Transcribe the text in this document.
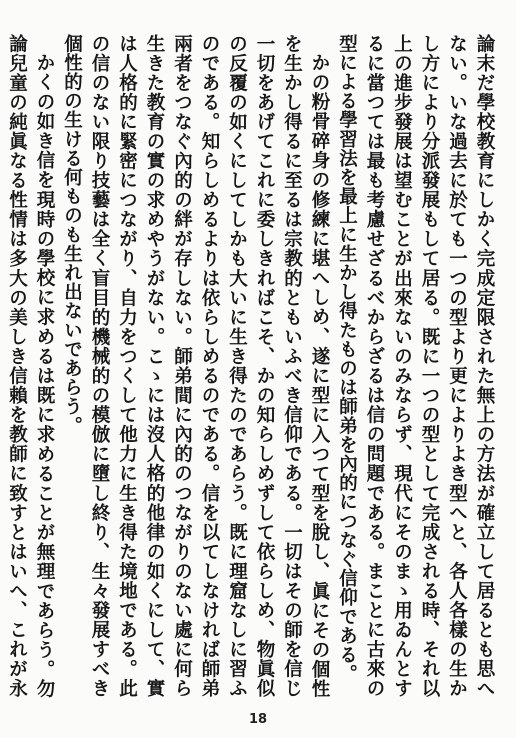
論末だ學校教育にしかく完成定限された無上の方法が確立して居るとも思へない。いな過去に於ても一つの型より更によりよき型へと、各人各樣の生かし方により分派發展もして居る。既に一つの型として完成される時、それ以上の進步發展は望むことが出來ないのみならず、現代にそのまゝ用ゐんとするに當つては最も考慮せざるべからざるは信の問題である。まことに古來の型による學習法を最上に生かし得たものは師弟を內的につなぐ信仰である。

かの粉骨碎身の修練に堪へしめ、遂に型に入つて型を脫し、眞にその個性を生かし得るに至るは宗教的ともいふべき信仰である。一切はその師を信じ一切をあげてこれに委しきればこそ、かの知らしめずして依らしめ、物眞似の反覆の如くにしてしかも大いに生き得たのであらう。既に理窟なしに習ふのである。知らしめるよりは依らしめるのである。信を以てしなければ師弟兩者をつなぐ內的の絆が存しない。師弟間に內的のつながりのない處に何ら生きた教育の實の求めやうがない。こゝには沒人格的他律の如くにして、實は人格的に緊密につながり、自力をつくして他力に生き得た境地である。此の信のない限り技藝は全く盲目的機械的の模倣に墮し終り、生々發展すべき個性的の生ける何ものも生れ出ないであらう。

かくの如き信を現時の學校に求めるは既に求めることが無理であらう。勿論兒童の純眞なる性情は多大の美しき信賴を教師に致すとはいへ、これが永

18
